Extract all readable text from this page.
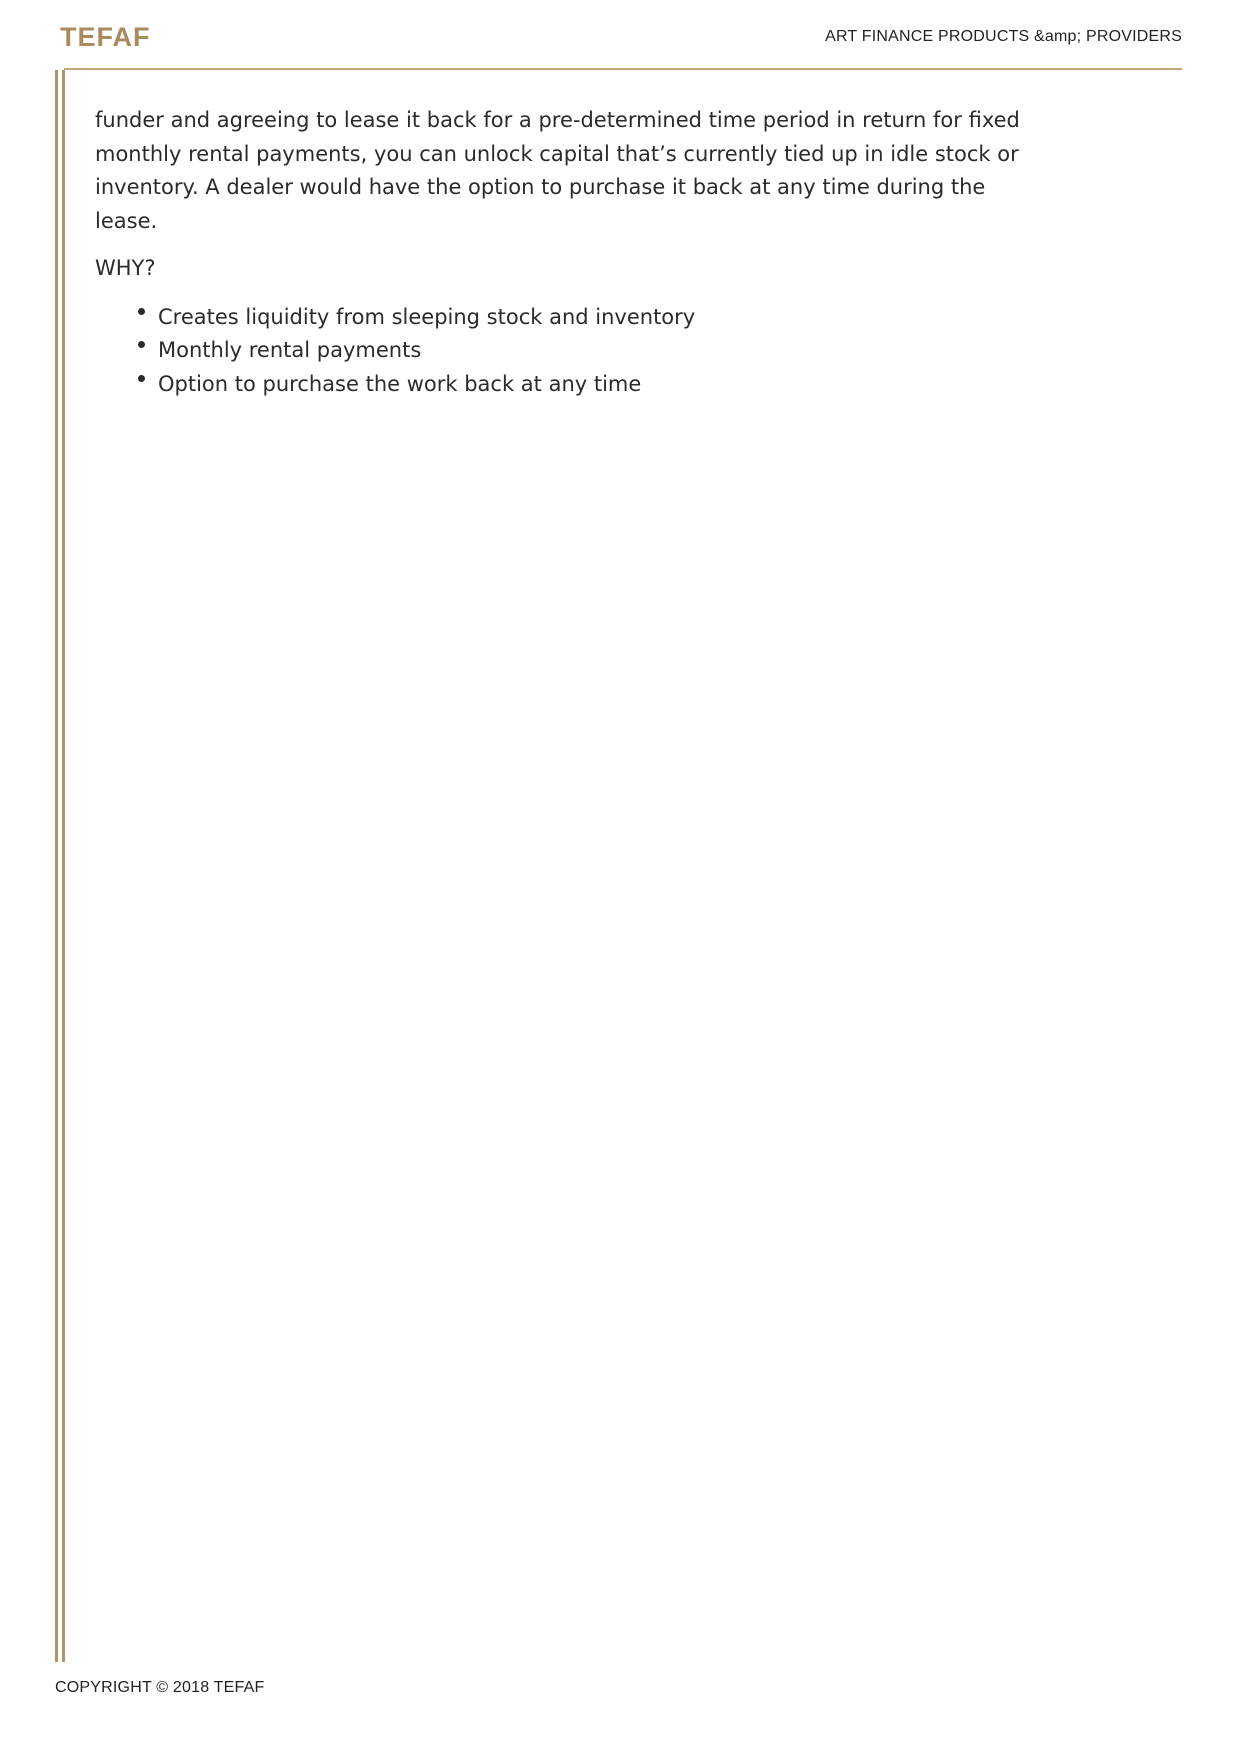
TEFAF	ART FINANCE PRODUCTS &amp; PROVIDERS

funder and agreeing to lease it back for a pre-determined time period in return for fixed monthly rental payments, you can unlock capital that’s currently tied up in idle stock or inventory. A dealer would have the option to purchase it back at any time during the lease.

WHY?

Creates liquidity from sleeping stock and inventory
Monthly rental payments
Option to purchase the work back at any time
COPYRIGHT © 2018 TEFAF
